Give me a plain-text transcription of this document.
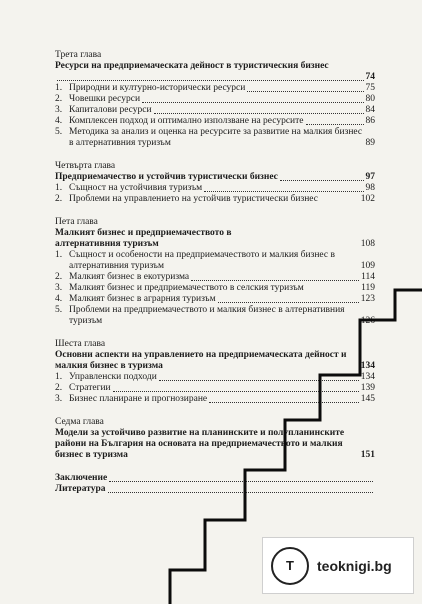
Трета глава
Ресурси на предприемаческата дейност в туристическия бизнес
74
1. Природни и културно-исторически ресурси	75
2. Човешки ресурси	80
3. Капиталови ресурси	84
4. Комплексен подход и оптимално използване на ресурсите	86
5. Методика за анализ и оценка на ресурсите за развитие на малкия бизнес в алтернативния туризъм	89
Четвърта глава
Предприемачество и устойчив туристически бизнес	97
1. Същност на устойчивия туризъм	98
2. Проблеми на управлението на устойчив туристически бизнес	102
Пета глава
Малкият бизнес и предприемачеството в алтернативния туризъм	108
1. Същност и особености на предприемачеството и малкия бизнес в алтернативния туризъм	109
2. Малкият бизнес в екотуризма	114
3. Малкият бизнес и предприемачеството в селския туризъм	119
4. Малкият бизнес в аграрния туризъм	123
5. Проблеми на предприемачеството и малкия бизнес в алтернативния туризъм	126
Шеста глава
Основни аспекти на управлението на предприемаческата дейност и малкия бизнес в туризма	134
1. Управленски подходи	134
2. Стратегии	139
3. Бизнес планиране и прогнозиране	145
Седма глава
Модели за устойчиво развитие на планинските и полупланинските райони на България на основата на предприемачеството и малкия бизнес в туризма	151
Заключение
Литература
T	teoknigi.bg
